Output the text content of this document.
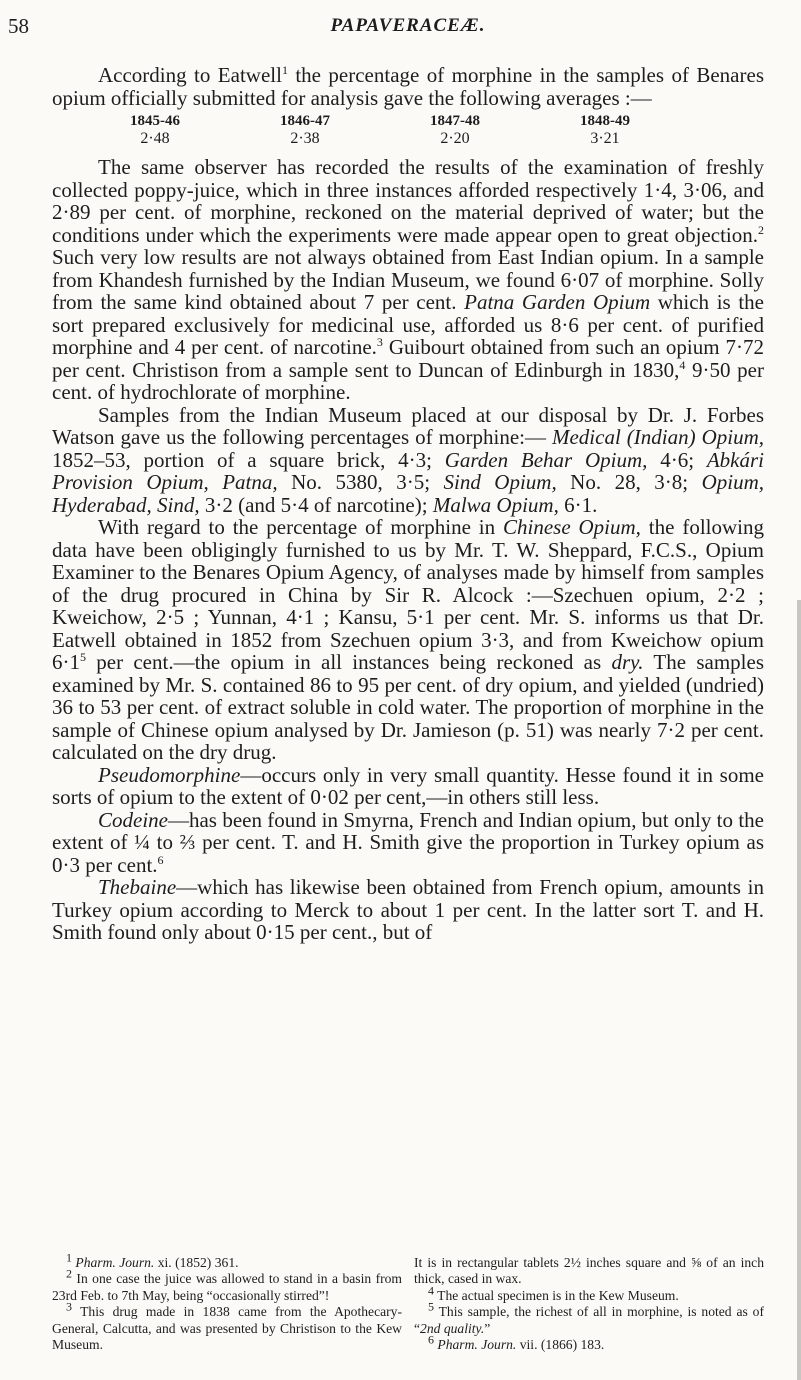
58	PAPAVERACEÆ.

According to Eatwell$^1$ the percentage of morphine in the samples of Benares opium officially submitted for analysis gave the following averages :—

1845-46	1846-47	1847-48	1848-49
2·48	2·38	2·20	3·21

The same observer has recorded the results of the examination of freshly collected poppy-juice, which in three instances afforded respectively 1·4, 3·06, and 2·89 per cent. of morphine, reckoned on the material deprived of water; but the conditions under which the experiments were made appear open to great objection.$^2$ Such very low results are not always obtained from East Indian opium. In a sample from Khandesh furnished by the Indian Museum, we found 6·07 of morphine. Solly from the same kind obtained about 7 per cent. Patna Garden Opium which is the sort prepared exclusively for medicinal use, afforded us 8·6 per cent. of purified morphine and 4 per cent. of narcotine.$^3$ Guibourt obtained from such an opium 7·72 per cent. Christison from a sample sent to Duncan of Edinburgh in 1830,$^4$ 9·50 per cent. of hydrochlorate of morphine.

Samples from the Indian Museum placed at our disposal by Dr. J. Forbes Watson gave us the following percentages of morphine:— Medical (Indian) Opium, 1852–53, portion of a square brick, 4·3; Garden Behar Opium, 4·6; Abkári Provision Opium, Patna, No. 5380, 3·5; Sind Opium, No. 28, 3·8; Opium, Hyderabad, Sind, 3·2 (and 5·4 of narcotine); Malwa Opium, 6·1.

With regard to the percentage of morphine in Chinese Opium, the following data have been obligingly furnished to us by Mr. T. W. Sheppard, F.C.S., Opium Examiner to the Benares Opium Agency, of analyses made by himself from samples of the drug procured in China by Sir R. Alcock :—Szechuen opium, 2·2 ; Kweichow, 2·5 ; Yunnan, 4·1 ; Kansu, 5·1 per cent. Mr. S. informs us that Dr. Eatwell obtained in 1852 from Szechuen opium 3·3, and from Kweichow opium $6\cdot 1^5$ per cent.—the opium in all instances being reckoned as dry. The samples examined by Mr. S. contained 86 to 95 per cent. of dry opium, and yielded (undried) 36 to 53 per cent. of extract soluble in cold water. The proportion of morphine in the sample of Chinese opium analysed by Dr. Jamieson (p. 51) was nearly 7·2 per cent. calculated on the dry drug.

Pseudomorphine—occurs only in very small quantity. Hesse found it in some sorts of opium to the extent of 0·02 per cent,—in others still less.

Codeine—has been found in Smyrna, French and Indian opium, but only to the extent of ¼ to ⅔ per cent. T. and H. Smith give the proportion in Turkey opium as 0·3 per cent.$^6$

Thebaine—which has likewise been obtained from French opium, amounts in Turkey opium according to Merck to about 1 per cent. In the latter sort T. and H. Smith found only about 0·15 per cent., but of

$^1$ Pharm. Journ. xi. (1852) 361.

$^2$ In one case the juice was allowed to stand in a basin from 23rd Feb. to 7th May, being “occasionally stirred”!

$^3$ This drug made in 1838 came from the Apothecary-General, Calcutta, and was presented by Christison to the Kew Museum.

It is in rectangular tablets 2½ inches square and ⅝ of an inch thick, cased in wax.

$^4$ The actual specimen is in the Kew Museum.

$^5$ This sample, the richest of all in morphine, is noted as of “2nd quality.”

$^6$ Pharm. Journ. vii. (1866) 183.
